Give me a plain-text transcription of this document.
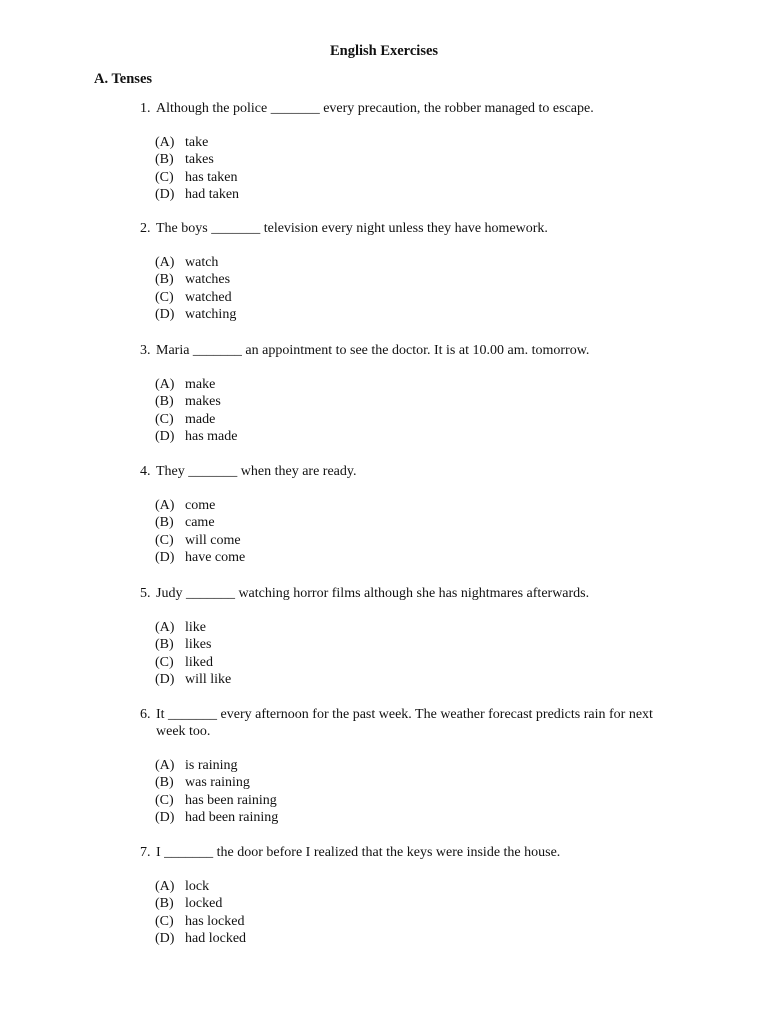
English Exercises
A. Tenses
1. Although the police _______ every precaution, the robber managed to escape.
(A) take
(B) takes
(C) has taken
(D) had taken
2. The boys _______ television every night unless they have homework.
(A) watch
(B) watches
(C) watched
(D) watching
3. Maria _______ an appointment to see the doctor. It is at 10.00 am. tomorrow.
(A) make
(B) makes
(C) made
(D) has made
4. They _______ when they are ready.
(A) come
(B) came
(C) will come
(D) have come
5. Judy _______ watching horror films although she has nightmares afterwards.
(A) like
(B) likes
(C) liked
(D) will like
6. It _______ every afternoon for the past week. The weather forecast predicts rain for next week too.
(A) is raining
(B) was raining
(C) has been raining
(D) had been raining
7. I _______ the door before I realized that the keys were inside the house.
(A) lock
(B) locked
(C) has locked
(D) had locked
